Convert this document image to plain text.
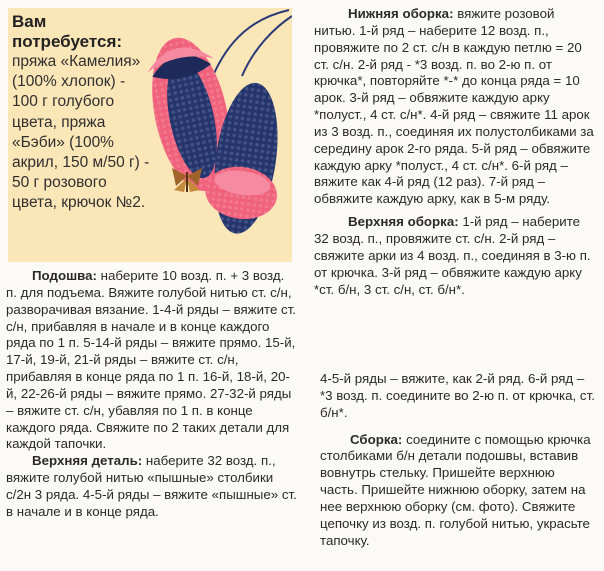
Вам потребуется:
пряжа «Камелия» (100% хлопок) - 100 г голубого цвета, пряжа «Бэби» (100% акрил, 150 м/50 г) - 50 г розового цвета, крючок №2.

Подошва: наберите 10 возд. п. + 3 возд. п. для подъема. Вяжите голубой нитью ст. с/н, разворачивая вязание. 1-4-й ряды – вяжите ст. с/н, прибавляя в начале и в конце каждого ряда по 1 п. 5-14-й ряды – вяжите прямо. 15-й, 17-й, 19-й, 21-й ряды – вяжите ст. с/н, прибавляя в конце ряда по 1 п. 16-й, 18-й, 20-й, 22-26-й ряды – вяжите прямо. 27-32-й ряды – вяжите ст. с/н, убавляя по 1 п. в конце каждого ряда. Свяжите по 2 таких детали для каждой тапочки.

Верхняя деталь: наберите 32 возд. п., вяжите голубой нитью «пышные» столбики с/2н 3 ряда. 4-5-й ряды – вяжите «пышные» ст. в начале и в конце ряда.

Нижняя оборка: вяжите розовой нитью. 1-й ряд – наберите 12 возд. п., провяжите по 2 ст. с/н в каждую петлю = 20 ст. с/н. 2-й ряд - *3 возд. п. во 2-ю п. от крючка*, повторяйте *-* до конца ряда = 10 арок. 3-й ряд – обвяжите каждую арку *полуст., 4 ст. с/н*. 4-й ряд – свяжите 11 арок из 3 возд. п., соединяя их полустолбиками за середину арок 2-го ряда. 5-й ряд – обвяжите каждую арку *полуст., 4 ст. с/н*. 6-й ряд – вяжите как 4-й ряд (12 раз). 7-й ряд – обвяжите каждую арку, как в 5-м ряду.

Верхняя оборка: 1-й ряд – наберите 32 возд. п., провяжите ст. с/н. 2-й ряд – свяжите арки из 4 возд. п., соединяя в 3-ю п. от крючка. 3-й ряд – обвяжите каждую арку *ст. б/н, 3 ст. с/н, ст. б/н*.

4-5-й ряды – вяжите, как 2-й ряд. 6-й ряд – *3 возд. п. соедините во 2-ю п. от крючка, ст. б/н*.

Сборка: соедините с помощью крючка столбиками б/н детали подошвы, вставив вовнутрь стельку. Пришейте верхнюю часть. Пришейте нижнюю оборку, затем на нее верхнюю оборку (см. фото). Свяжите цепочку из возд. п. голубой нитью, украсьте тапочку.
